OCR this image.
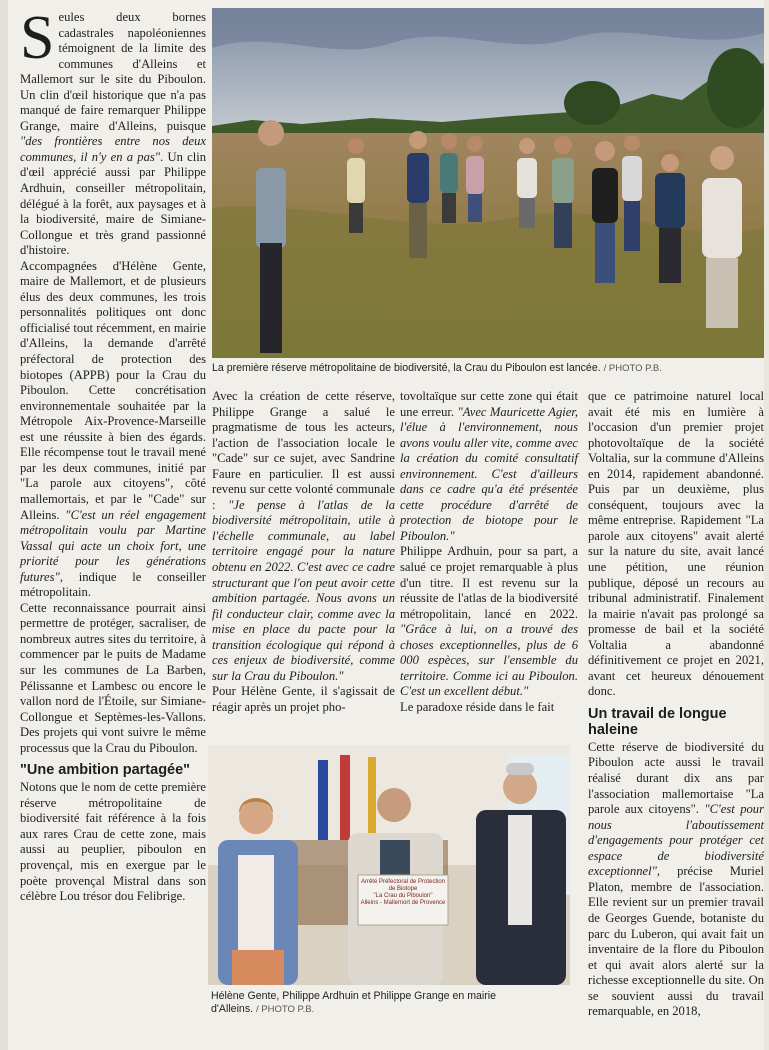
Seules deux bornes cadastrales napoléoniennes témoignent de la limite des communes d'Alleins et Mallemort sur le site du Piboulon. Un clin d'œil historique que n'a pas manqué de faire remarquer Philippe Grange, maire d'Alleins, puisque "des frontières entre nos deux communes, il n'y en a pas". Un clin d'œil apprécié aussi par Philippe Ardhuin, conseiller métropolitain, délégué à la forêt, aux paysages et à la biodiversité, maire de Simiane-Collongue et très grand passionné d'histoire.

Accompagnées d'Hélène Gente, maire de Mallemort, et de plusieurs élus des deux communes, les trois personnalités politiques ont donc officialisé tout récemment, en mairie d'Alleins, la demande d'arrêté préfectoral de protection des biotopes (APPB) pour la Crau du Piboulon. Cette concrétisation environnementale souhaitée par la Métropole Aix-Provence-Marseille est une réussite à bien des égards. Elle récompense tout le travail mené par les deux communes, initié par "La parole aux citoyens", côté mallemortais, et par le "Cade" sur Alleins. "C'est un réel engagement métropolitain voulu par Martine Vassal qui acte un choix fort, une priorité pour les générations futures", indique le conseiller métropolitain.

Cette reconnaissance pourrait ainsi permettre de protéger, sacraliser, de nombreux autres sites du territoire, à commencer par le puits de Madame sur les communes de La Barben, Pélissanne et Lambesc ou encore le vallon nord de l'Étoile, sur Simiane-Collongue et Septèmes-les-Vallons. Des projets qui vont suivre le même processus que la Crau du Piboulon.

"Une ambition partagée"

Notons que le nom de cette première réserve métropolitaine de biodiversité fait référence à la fois aux rares Crau de cette zone, mais aussi au peuplier, piboulon en provençal, mis en exergue par le poète provençal Mistral dans son célèbre Lou trésor dou Felibrige.

La première réserve métropolitaine de biodiversité, la Crau du Piboulon est lancée. / PHOTO P.B.

Avec la création de cette réserve, Philippe Grange a salué le pragmatisme de tous les acteurs, l'action de l'association locale le "Cade" sur ce sujet, avec Sandrine Faure en particulier. Il est aussi revenu sur cette volonté communale : "Je pense à l'atlas de la biodiversité métropolitain, utile à l'échelle communale, au label territoire engagé pour la nature obtenu en 2022. C'est avec ce cadre structurant que l'on peut avoir cette ambition partagée. Nous avons un fil conducteur clair, comme avec la mise en place du pacte pour la transition écologique qui répond à ces enjeux de biodiversité, comme sur la Crau du Piboulon."

Pour Hélène Gente, il s'agissait de réagir après un projet pho-

tovoltaïque sur cette zone qui était une erreur. "Avec Mauricette Agier, l'élue à l'environnement, nous avons voulu aller vite, comme avec la création du comité consultatif environnement. C'est d'ailleurs dans ce cadre qu'a été présentée cette procédure d'arrêté de protection de biotope pour le Piboulon."

Philippe Ardhuin, pour sa part, a salué ce projet remarquable à plus d'un titre. Il est revenu sur la réussite de l'atlas de la biodiversité métropolitain, lancé en 2022. "Grâce à lui, on a trouvé des choses exceptionnelles, plus de 6 000 espèces, sur l'ensemble du territoire. Comme ici au Piboulon. C'est un excellent début."

Le paradoxe réside dans le fait

Arrêté Préfectoral de Protection de Biotope
"La Crau du Piboulon"
Alleins - Mallemort de Provence
Hélène Gente, Philippe Ardhuin et Philippe Grange en mairie
d'Alleins. / PHOTO P.B.

que ce patrimoine naturel local avait été mis en lumière à l'occasion d'un premier projet photovoltaïque de la société Voltalia, sur la commune d'Alleins en 2014, rapidement abandonné. Puis par un deuxième, plus conséquent, toujours avec la même entreprise. Rapidement "La parole aux citoyens" avait alerté sur la nature du site, avait lancé une pétition, une réunion publique, déposé un recours au tribunal administratif. Finalement la mairie n'avait pas prolongé sa promesse de bail et la société Voltalia a abandonné définitivement ce projet en 2021, avant cet heureux dénouement donc.

Un travail de longue haleine

Cette réserve de biodiversité du Piboulon acte aussi le travail réalisé durant dix ans par l'association mallemortaise "La parole aux citoyens". "C'est pour nous l'aboutissement d'engagements pour protéger cet espace de biodiversité exceptionnel", précise Muriel Platon, membre de l'association. Elle revient sur un premier travail de Georges Guende, botaniste du parc du Luberon, qui avait fait un inventaire de la flore du Piboulon et qui avait alors alerté sur la richesse exceptionnelle du site. On se souvient aussi du travail remarquable, en 2018,
